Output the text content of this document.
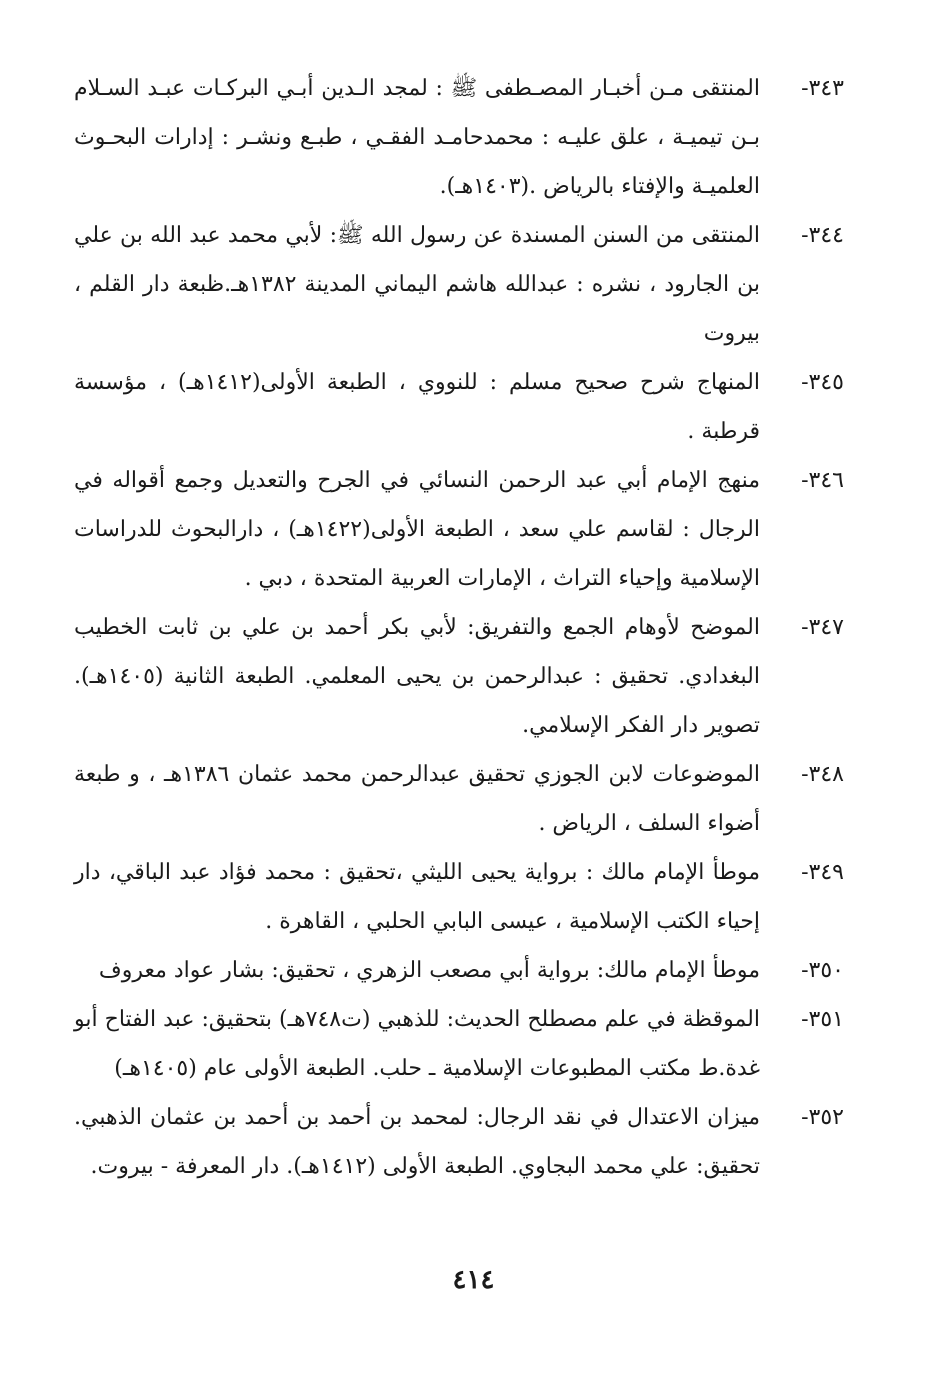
٣٤٣-

المنتقى مـن أخبـار المصـطفى ﷺ : لمجد الـدين أبـي البركـات عبـد السـلام بـن تيميـة ، علق عليـه : محمدحامـد الفقـي ، طبـع ونشـر : إدارات البحـوث العلميـة والإفتاء بالرياض .(١٤٠٣هـ).

٣٤٤-

المنتقى من السنن المسندة عن رسول الله ﷺ: لأبي محمد عبد الله بن علي بن الجارود ، نشره : عبدالله هاشم اليماني المدينة ١٣٨٢هـ.ظبعة دار القلم ، بيروت

٣٤٥-

المنهاج شرح صحيح مسلم : للنووي ، الطبعة الأولى(١٤١٢هـ) ، مؤسسة قرطبة .

٣٤٦-

منهج الإمام أبي عبد الرحمن النسائي في الجرح والتعديل وجمع أقواله في الرجال : لقاسم علي سعد ، الطبعة الأولى(١٤٢٢هـ) ، دارالبحوث للدراسات الإسلامية وإحياء التراث ، الإمارات العربية المتحدة ، دبي .

٣٤٧-

الموضح لأوهام الجمع والتفريق: لأبي بكر أحمد بن علي بن ثابت الخطيب البغدادي. تحقيق : عبدالرحمن بن يحيى المعلمي. الطبعة الثانية (١٤٠٥هـ). تصوير دار الفكر الإسلامي.

٣٤٨-

الموضوعات لابن الجوزي تحقيق عبدالرحمن محمد عثمان ١٣٨٦هـ ، و طبعة أضواء السلف ، الرياض .

٣٤٩-

موطأ الإمام مالك : برواية يحيى الليثي ،تحقيق : محمد فؤاد عبد الباقي، دار إحياء الكتب الإسلامية ، عيسى البابي الحلبي ، القاهرة .

٣٥٠-

موطأ الإمام مالك: برواية أبي مصعب الزهري ، تحقيق: بشار عواد معروف

٣٥١-

الموقظة في علم مصطلح الحديث: للذهبي (ت٧٤٨هـ) بتحقيق: عبد الفتاح أبو غدة.ط مكتب المطبوعات الإسلامية ـ حلب. الطبعة الأولى عام (١٤٠٥هـ)

٣٥٢-

ميزان الاعتدال في نقد الرجال: لمحمد بن أحمد بن أحمد بن عثمان الذهبي. تحقيق: علي محمد البجاوي. الطبعة الأولى (١٤١٢هـ). دار المعرفة - بيروت.

٤١٤
